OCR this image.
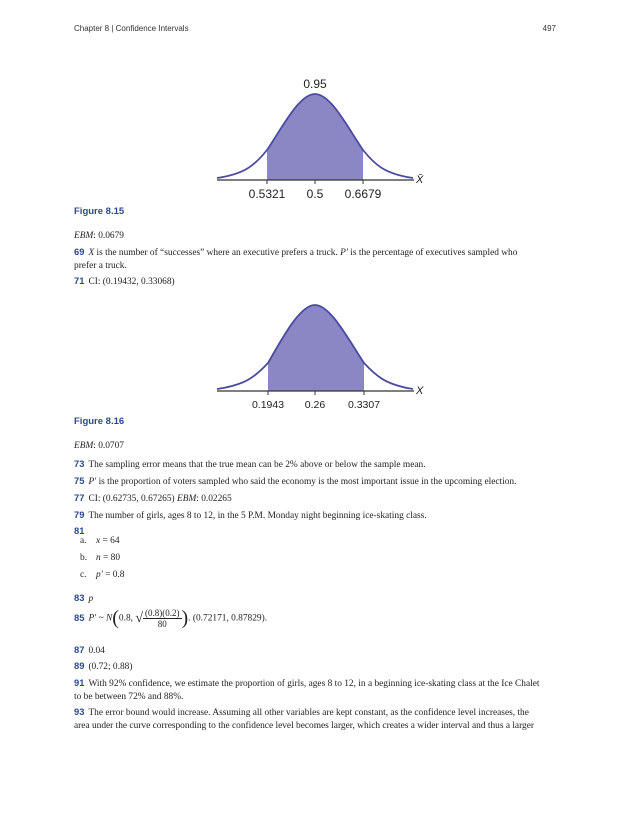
Chapter 8 | Confidence Intervals	497
0.95
0.5321 0.5 0.6679
X̄
Figure 8.15
EBM: 0.0679
69 X is the number of “successes” where an executive prefers a truck. P′ is the percentage of executives sampled who
prefer a truck.
71 CI: (0.19432, 0.33068)
0.1943 0.26 0.3307
X
Figure 8.16
EBM: 0.0707
73 The sampling error means that the true mean can be 2% above or below the sample mean.
75 P′ is the proportion of voters sampled who said the economy is the most important issue in the upcoming election.
77 CI: (0.62735, 0.67265) EBM: 0.02265
79 The number of girls, ages 8 to 12, in the 5 P.M. Monday night beginning ice-skating class.
81
a. x = 64
b. n = 80
c. p′ = 0.8
83 p
85 P′ ~ N(0.8, √ $\frac{(0.8)(0.2)}{80}$ ). (0.72171, 0.87829).
87 0.04
89 (0.72; 0.88)
91 With 92% confidence, we estimate the proportion of girls, ages 8 to 12, in a beginning ice-skating class at the Ice Chalet
to be between 72% and 88%.
93 The error bound would increase. Assuming all other variables are kept constant, as the confidence level increases, the
area under the curve corresponding to the confidence level becomes larger, which creates a wider interval and thus a larger
